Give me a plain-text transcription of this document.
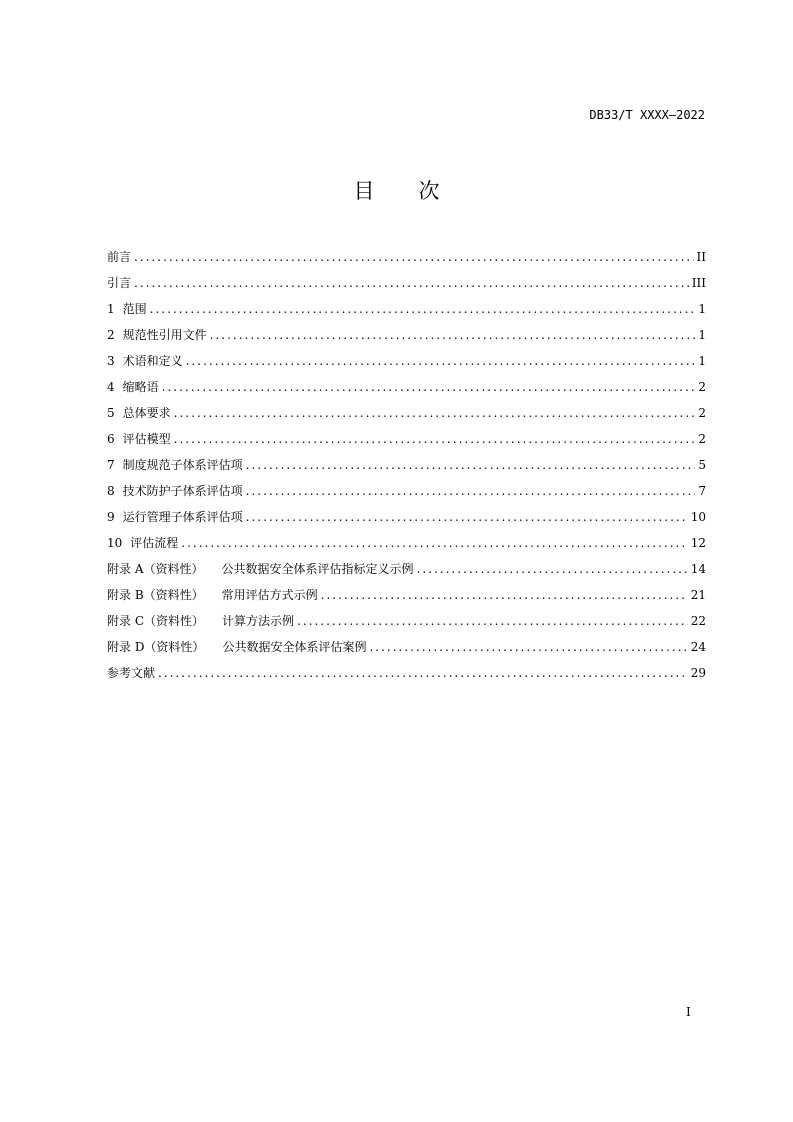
DB33/T XXXX—2022
目 次
前言 .....	II
引言 .....	III
1 范围 .....	1
2 规范性引用文件 .....	1
3 术语和定义 .....	1
4 缩略语 .....	2
5 总体要求 .....	2
6 评估模型 .....	2
7 制度规范子体系评估项 .....	5
8 技术防护子体系评估项 .....	7
9 运行管理子体系评估项 .....	10
10 评估流程 .....	12
附录 A（资料性） 公共数据安全体系评估指标定义示例 .....	14
附录 B（资料性） 常用评估方式示例 .....	21
附录 C（资料性） 计算方法示例 .....	22
附录 D（资料性） 公共数据安全体系评估案例 .....	24
参考文献 .....	29
I
